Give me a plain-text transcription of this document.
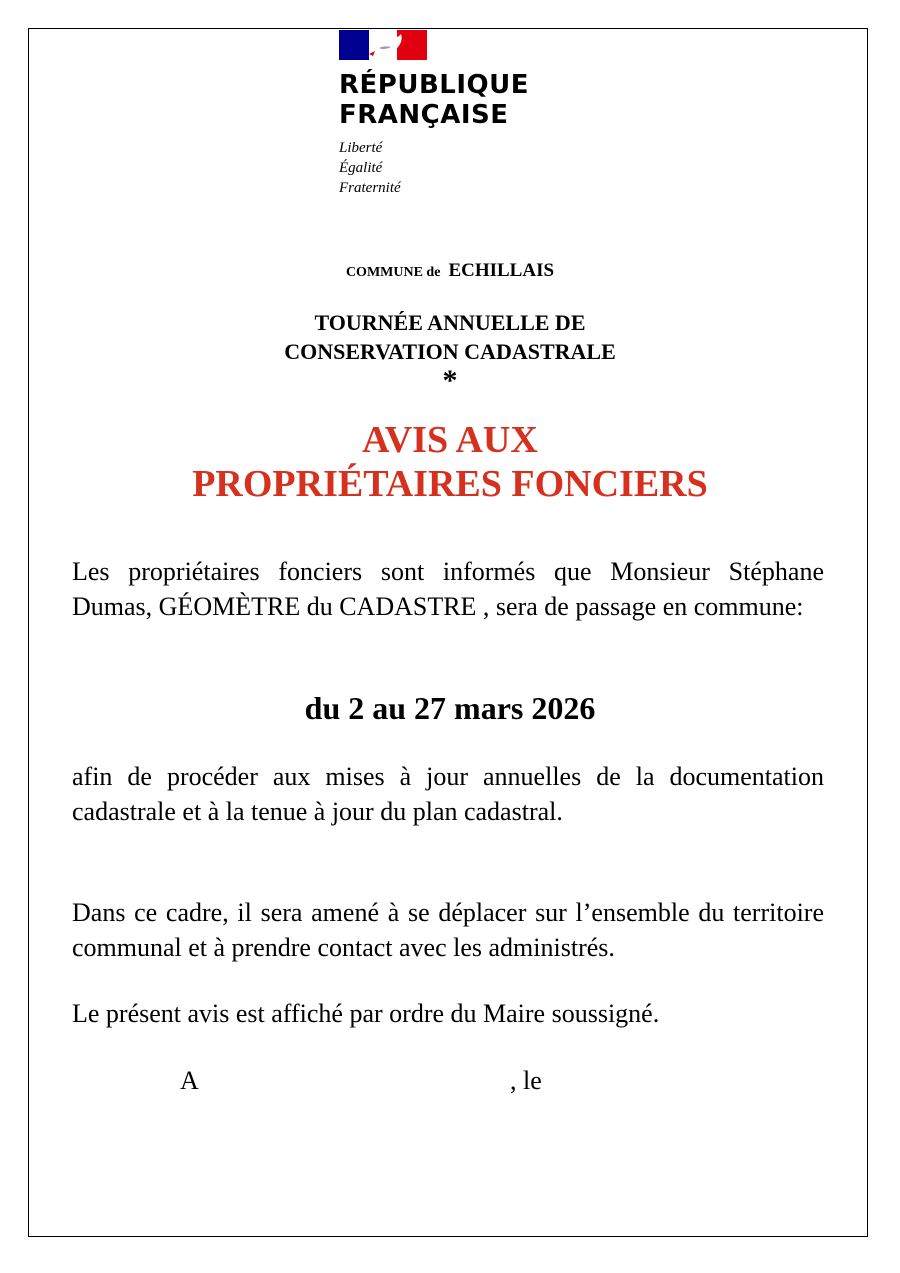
RÉPUBLIQUE
FRANÇAISE
Liberté
Égalité
Fraternité
COMMUNE de ECHILLAIS
TOURNÉE ANNUELLE DE
CONSERVATION CADASTRALE
*
AVIS AUX
PROPRIÉTAIRES FONCIERS

Les propriétaires fonciers sont informés que Monsieur Stéphane Dumas, GÉOMÈTRE du CADASTRE , sera de passage en commune:

du 2 au 27 mars 2026

afin de procéder aux mises à jour annuelles de la documentation cadastrale et à la tenue à jour du plan cadastral.

Dans ce cadre, il sera amené à se déplacer sur l’ensemble du territoire communal et à prendre contact avec les administrés.

Le présent avis est affiché par ordre du Maire soussigné.

A	, le
